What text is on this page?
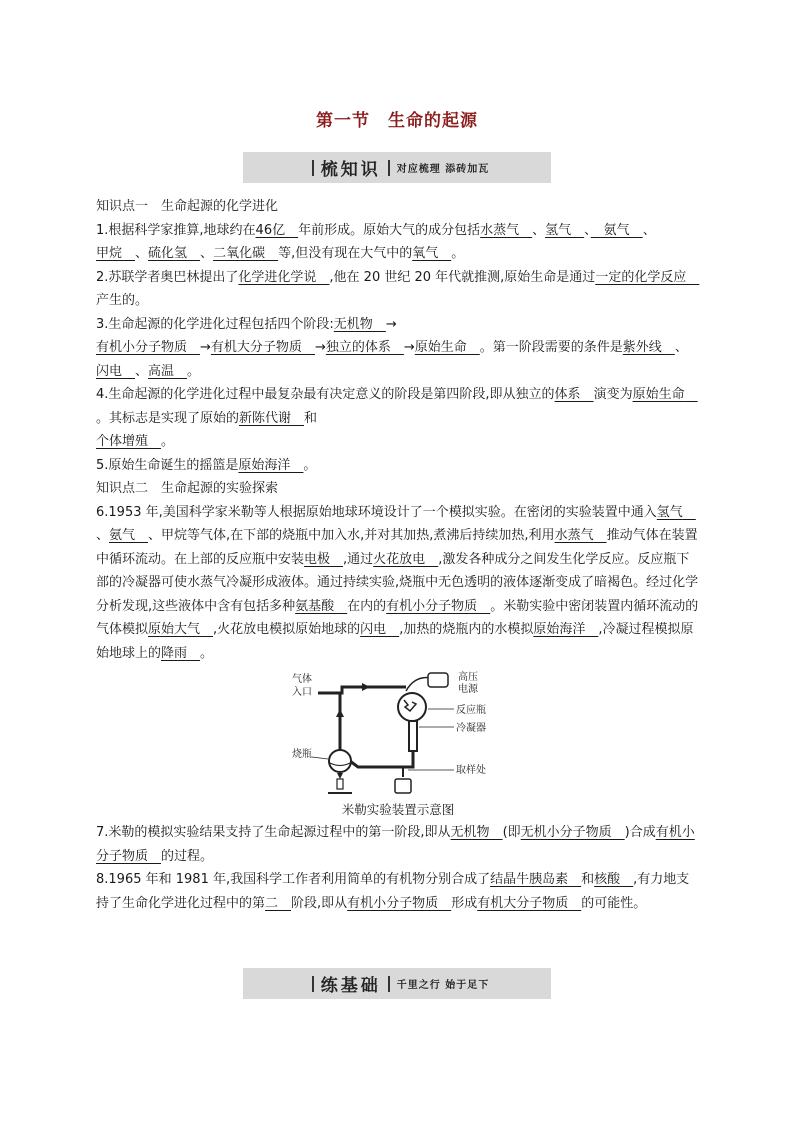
第一节　生命的起源
梳知识 对应梳理 添砖加瓦

知识点一　生命起源的化学进化

1.根据科学家推算,地球约在46亿　年前形成。原始大气的成分包括水蒸气　、氢气　、　氨气　、
甲烷　、硫化氢　、二氧化碳　等,但没有现在大气中的氧气　。

2.苏联学者奥巴林提出了化学进化学说　,他在 20 世纪 20 年代就推测,原始生命是通过一定的化学反应　产生的。

3.生命起源的化学进化过程包括四个阶段:无机物　→
有机小分子物质　→有机大分子物质　→独立的体系　→原始生命　。第一阶段需要的条件是紫外线　、闪电　、高温　。

4.生命起源的化学进化过程中最复杂最有决定意义的阶段是第四阶段,即从独立的体系　演变为原始生命　。其标志是实现了原始的新陈代谢　和
个体增殖　。

5.原始生命诞生的摇篮是原始海洋　。

知识点二　生命起源的实验探索

6.1953 年,美国科学家米勒等人根据原始地球环境设计了一个模拟实验。在密闭的实验装置中通入氢气　、氨气　、甲烷等气体,在下部的烧瓶中加入水,并对其加热,煮沸后持续加热,利用水蒸气　推动气体在装置中循环流动。在上部的反应瓶中安装电极　,通过火花放电　,激发各种成分之间发生化学反应。反应瓶下部的冷凝器可使水蒸气冷凝形成液体。通过持续实验,烧瓶中无色透明的液体逐渐变成了暗褐色。经过化学分析发现,这些液体中含有包括多种氨基酸　在内的有机小分子物质　。米勒实验中密闭装置内循环流动的气体模拟原始大气　,火花放电模拟原始地球的闪电　,加热的烧瓶内的水模拟原始海洋　,冷凝过程模拟原始地球上的降雨　。

气体
入口
高压
电源
反应瓶
冷凝器
取样处
烧瓶
米勒实验装置示意图

7.米勒的模拟实验结果支持了生命起源过程中的第一阶段,即从无机物　(即无机小分子物质　)合成有机小分子物质　的过程。

8.1965 年和 1981 年,我国科学工作者利用简单的有机物分别合成了结晶牛胰岛素　和核酸　,有力地支持了生命化学进化过程中的第二　阶段,即从有机小分子物质　形成有机大分子物质　的可能性。

练基础 千里之行 始于足下
